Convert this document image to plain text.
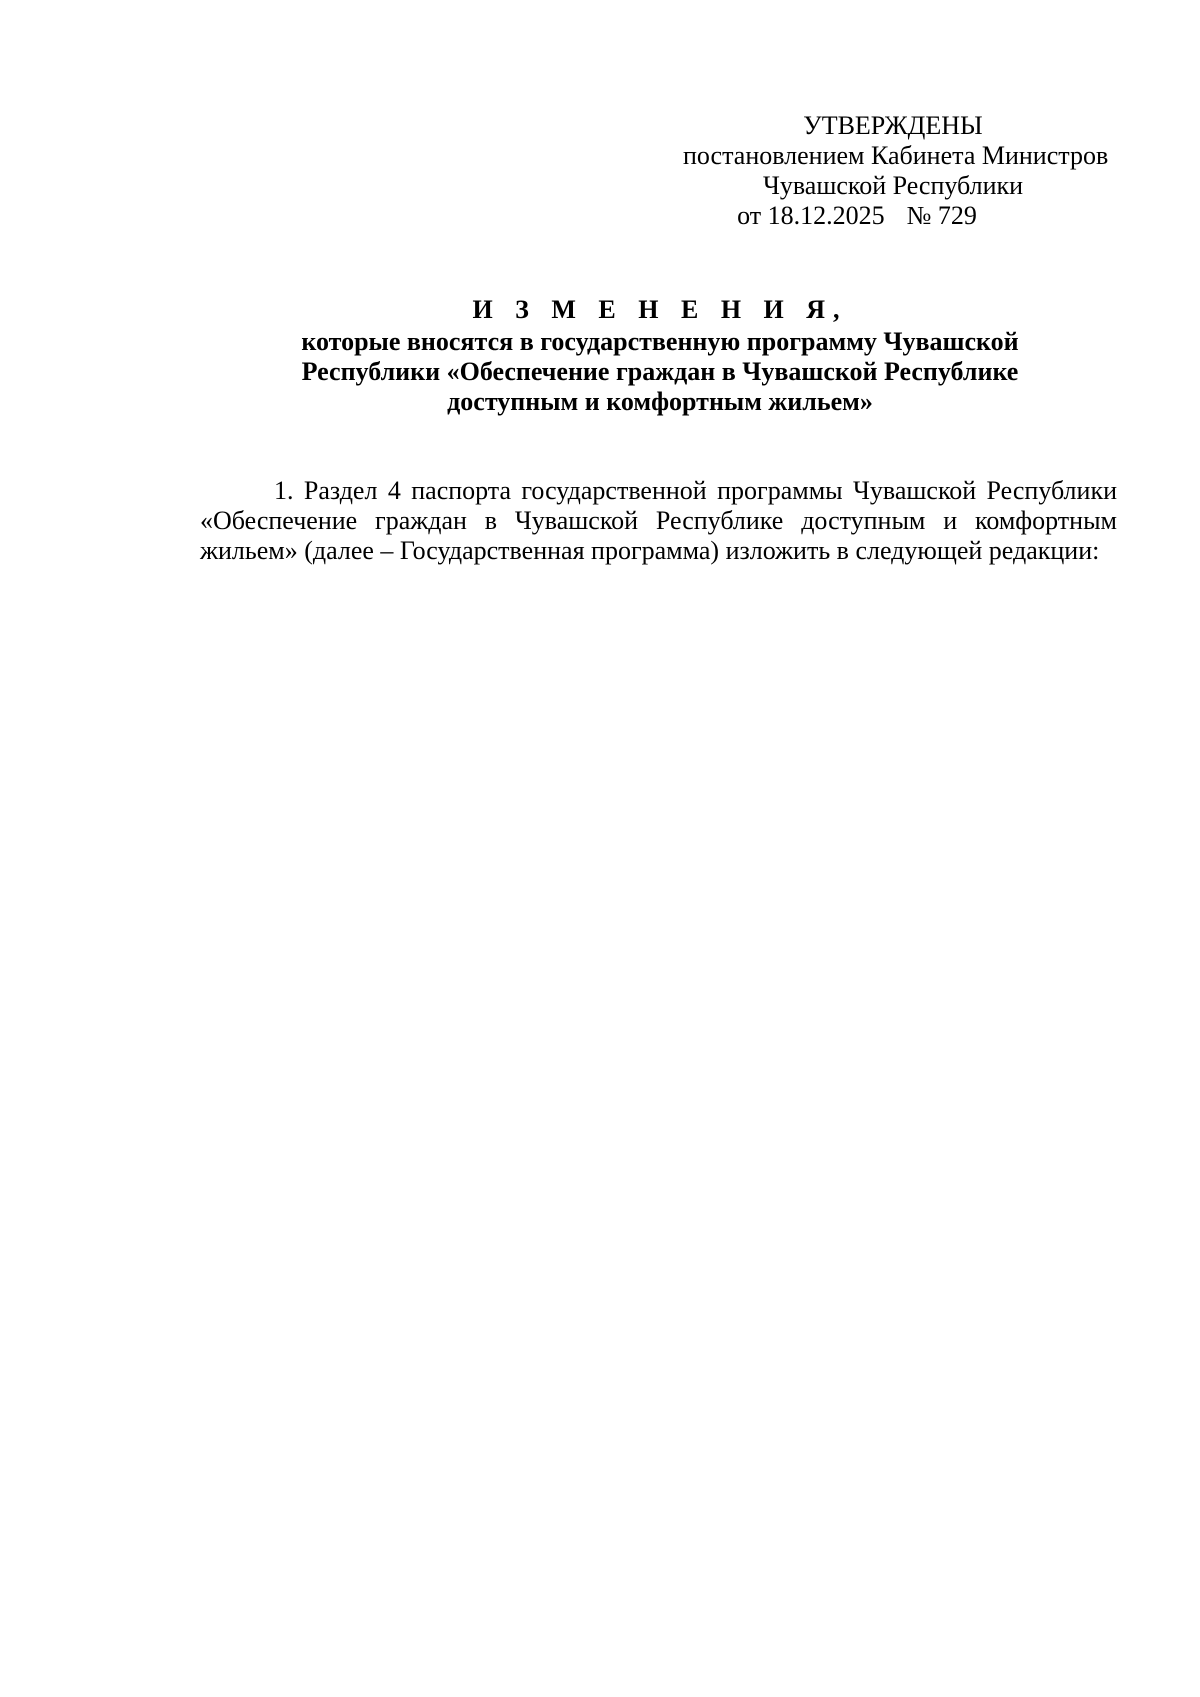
УТВЕРЖДЕНЫ
постановлением Кабинета Министров
Чувашской Республики
от 18.12.2025 № 729
И З М Е Н Е Н И Я,
которые вносятся в государственную программу Чувашской
Республики «Обеспечение граждан в Чувашской Республике
доступным и комфортным жильем»
1. Раздел 4 паспорта государственной программы Чувашской Республики
«Обеспечение граждан в Чувашской Республике доступным и комфортным
жильем» (далее – Государственная программа) изложить в следующей редакции:
